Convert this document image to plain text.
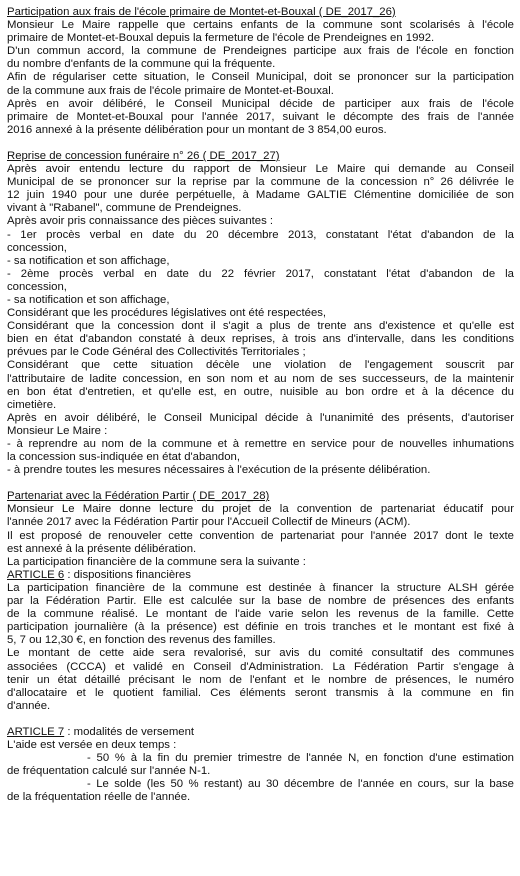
Participation aux frais de l'école primaire de Montet-et-Bouxal ( DE_2017_26)
Monsieur Le Maire rappelle que certains enfants de la commune sont scolarisés à l'école
primaire de Montet-et-Bouxal depuis la fermeture de l'école de Prendeignes en 1992.
D'un commun accord, la commune de Prendeignes participe aux frais de l'école en fonction
du nombre d'enfants de la commune qui la fréquente.
Afin de régulariser cette situation, le Conseil Municipal, doit se prononcer sur la participation
de la commune aux frais de l'école primaire de Montet-et-Bouxal.
Après en avoir délibéré, le Conseil Municipal décide de participer aux frais de l'école
primaire de Montet-et-Bouxal pour l'année 2017, suivant le décompte des frais de l'année
2016 annexé à la présente délibération pour un montant de 3 854,00 euros.
Reprise de concession funéraire n° 26 ( DE_2017_27)
Après avoir entendu lecture du rapport de Monsieur Le Maire qui demande au Conseil
Municipal de se prononcer sur la reprise par la commune de la concession n° 26 délivrée le
12 juin 1940 pour une durée perpétuelle, à Madame GALTIE Clémentine domiciliée de son
vivant à "Rabanel", commune de Prendeignes.
Après avoir pris connaissance des pièces suivantes :
- 1er procès verbal en date du 20 décembre 2013, constatant l'état d'abandon de la
concession,
- sa notification et son affichage,
- 2ème procès verbal en date du 22 février 2017, constatant l'état d'abandon de la
concession,
- sa notification et son affichage,
Considérant que les procédures législatives ont été respectées,
Considérant que la concession dont il s'agit a plus de trente ans d'existence et qu'elle est
bien en état d'abandon constaté à deux reprises, à trois ans d'intervalle, dans les conditions
prévues par le Code Général des Collectivités Territoriales ;
Considérant que cette situation décèle une violation de l'engagement souscrit par
l'attributaire de ladite concession, en son nom et au nom de ses successeurs, de la maintenir
en bon état d'entretien, et qu'elle est, en outre, nuisible au bon ordre et à la décence du
cimetière.
Après en avoir délibéré, le Conseil Municipal décide à l'unanimité des présents, d'autoriser
Monsieur Le Maire :
- à reprendre au nom de la commune et à remettre en service pour de nouvelles inhumations
la concession sus-indiquée en état d'abandon,
- à prendre toutes les mesures nécessaires à l'exécution de la présente délibération.
Partenariat avec la Fédération Partir ( DE_2017_28)
Monsieur Le Maire donne lecture du projet de la convention de partenariat éducatif pour
l'année 2017 avec la Fédération Partir pour l'Accueil Collectif de Mineurs (ACM).
Il est proposé de renouveler cette convention de partenariat pour l'année 2017 dont le texte
est annexé à la présente délibération.
La participation financière de la commune sera la suivante :
ARTICLE 6 : dispositions financières
La participation financière de la commune est destinée à financer la structure ALSH gérée
par la Fédération Partir. Elle est calculée sur la base de nombre de présences des enfants
de la commune réalisé. Le montant de l'aide varie selon les revenus de la famille. Cette
participation journalière (à la présence) est définie en trois tranches et le montant est fixé à
5, 7 ou 12,30 €, en fonction des revenus des familles.
Le montant de cette aide sera revalorisé, sur avis du comité consultatif des communes
associées (CCCA) et validé en Conseil d'Administration. La Fédération Partir s'engage à
tenir un état détaillé précisant le nom de l'enfant et le nombre de présences, le numéro
d'allocataire et le quotient familial. Ces éléments seront transmis à la commune en fin
d'année.
ARTICLE 7 : modalités de versement
L'aide est versée en deux temps :
- 50 % à la fin du premier trimestre de l'année N, en fonction d'une estimation
de fréquentation calculé sur l'année N-1.
- Le solde (les 50 % restant) au 30 décembre de l'année en cours, sur la base
de la fréquentation réelle de l'année.
